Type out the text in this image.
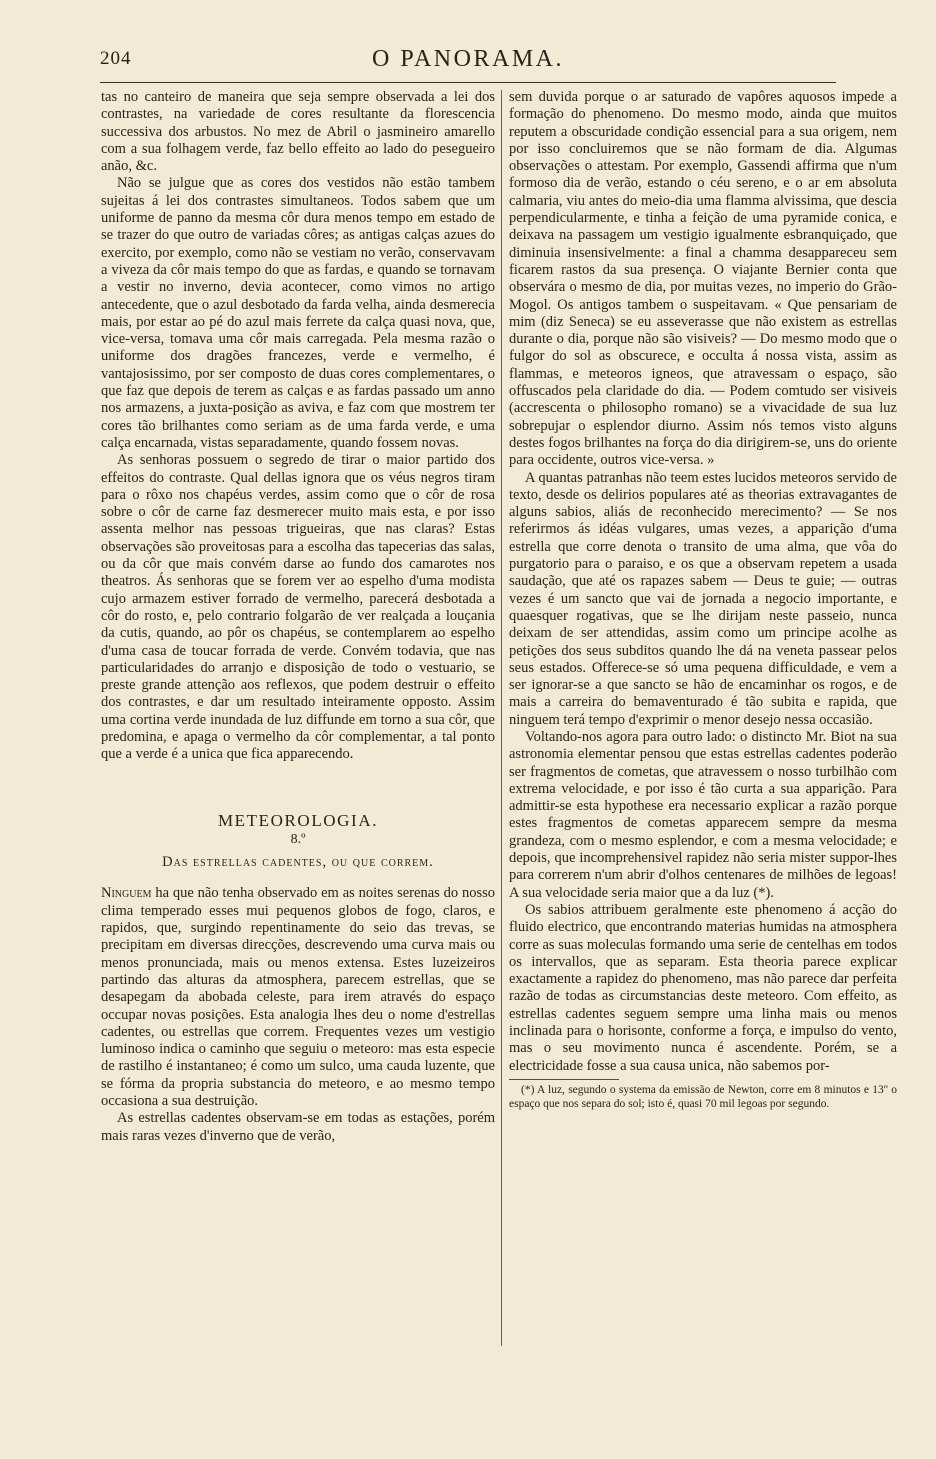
204	O PANORAMA.

tas no canteiro de maneira que seja sempre observada a lei dos contrastes, na variedade de cores resultante da florescencia successiva dos arbustos. No mez de Abril o jasmineiro amarello com a sua folhagem verde, faz bello effeito ao lado do pesegueiro anão, &c.

Não se julgue que as cores dos vestidos não estão tambem sujeitas á lei dos contrastes simultaneos. Todos sabem que um uniforme de panno da mesma côr dura menos tempo em estado de se trazer do que outro de variadas côres; as antigas calças azues do exercito, por exemplo, como não se vestiam no verão, conservavam a viveza da côr mais tempo do que as fardas, e quando se tornavam a vestir no inverno, devia acontecer, como vimos no artigo antecedente, que o azul desbotado da farda velha, ainda desmerecia mais, por estar ao pé do azul mais ferrete da calça quasi nova, que, vice-versa, tomava uma côr mais carregada. Pela mesma razão o uniforme dos dragões francezes, verde e vermelho, é vantajosissimo, por ser composto de duas cores complementares, o que faz que depois de terem as calças e as fardas passado um anno nos armazens, a juxta-posição as aviva, e faz com que mostrem ter cores tão brilhantes como seriam as de uma farda verde, e uma calça encarnada, vistas separadamente, quando fossem novas.

As senhoras possuem o segredo de tirar o maior partido dos effeitos do contraste. Qual dellas ignora que os véus negros tiram para o rôxo nos chapéus verdes, assim como que o côr de rosa sobre o côr de carne faz desmerecer muito mais esta, e por isso assenta melhor nas pessoas trigueiras, que nas claras? Estas observações são proveitosas para a escolha das tapecerias das salas, ou da côr que mais convém darse ao fundo dos camarotes nos theatros. Ás senhoras que se forem ver ao espelho d'uma modista cujo armazem estiver forrado de vermelho, parecerá desbotada a côr do rosto, e, pelo contrario folgarão de ver realçada a louçania da cutis, quando, ao pôr os chapéus, se contemplarem ao espelho d'uma casa de toucar forrada de verde. Convém todavia, que nas particularidades do arranjo e disposição de todo o vestuario, se preste grande attenção aos reflexos, que podem destruir o effeito dos contrastes, e dar um resultado inteiramente opposto. Assim uma cortina verde inundada de luz diffunde em torno a sua côr, que predomina, e apaga o vermelho da côr complementar, a tal ponto que a verde é a unica que fica apparecendo.

METEOROLOGIA.
8.º
Das estrellas cadentes, ou que correm.

Ninguem ha que não tenha observado em as noites serenas do nosso clima temperado esses mui pequenos globos de fogo, claros, e rapidos, que, surgindo repentinamente do seio das trevas, se precipitam em diversas direcções, descrevendo uma curva mais ou menos pronunciada, mais ou menos extensa. Estes luzeizeiros partindo das alturas da atmosphera, parecem estrellas, que se desapegam da abobada celeste, para irem através do espaço occupar novas posições. Esta analogia lhes deu o nome d'estrellas cadentes, ou estrellas que correm. Frequentes vezes um vestigio luminoso indica o caminho que seguiu o meteoro: mas esta especie de rastilho é instantaneo; é como um sulco, uma cauda luzente, que se fórma da propria substancia do meteoro, e ao mesmo tempo occasiona a sua destruição.

As estrellas cadentes observam-se em todas as estações, porém mais raras vezes d'inverno que de verão,

sem duvida porque o ar saturado de vapôres aquosos impede a formação do phenomeno. Do mesmo modo, ainda que muitos reputem a obscuridade condição essencial para a sua origem, nem por isso concluiremos que se não formam de dia. Algumas observações o attestam. Por exemplo, Gassendi affirma que n'um formoso dia de verão, estando o céu sereno, e o ar em absoluta calmaria, viu antes do meio-dia uma flamma alvissima, que descia perpendicularmente, e tinha a feição de uma pyramide conica, e deixava na passagem um vestigio igualmente esbranquiçado, que diminuia insensivelmente: a final a chamma desappareceu sem ficarem rastos da sua presença. O viajante Bernier conta que observára o mesmo de dia, por muitas vezes, no imperio do Grão-Mogol. Os antigos tambem o suspeitavam. « Que pensariam de mim (diz Seneca) se eu asseverasse que não existem as estrellas durante o dia, porque não são visiveis? — Do mesmo modo que o fulgor do sol as obscurece, e occulta á nossa vista, assim as flammas, e meteoros igneos, que atravessam o espaço, são offuscados pela claridade do dia. — Podem comtudo ser visiveis (accrescenta o philosopho romano) se a vivacidade de sua luz sobrepujar o esplendor diurno. Assim nós temos visto alguns destes fogos brilhantes na força do dia dirigirem-se, uns do oriente para occidente, outros vice-versa. »

A quantas patranhas não teem estes lucidos meteoros servido de texto, desde os delirios populares até as theorias extravagantes de alguns sabios, aliás de reconhecido merecimento? — Se nos referirmos ás idéas vulgares, umas vezes, a apparição d'uma estrella que corre denota o transito de uma alma, que vôa do purgatorio para o paraiso, e os que a observam repetem a usada saudação, que até os rapazes sabem — Deus te guie; — outras vezes é um sancto que vai de jornada a negocio importante, e quaesquer rogativas, que se lhe dirijam neste passeio, nunca deixam de ser attendidas, assim como um principe acolhe as petições dos seus subditos quando lhe dá na veneta passear pelos seus estados. Offerece-se só uma pequena difficuldade, e vem a ser ignorar-se a que sancto se hão de encaminhar os rogos, e de mais a carreira do bemaventurado é tão subita e rapida, que ninguem terá tempo d'exprimir o menor desejo nessa occasião.

Voltando-nos agora para outro lado: o distincto Mr. Biot na sua astronomia elementar pensou que estas estrellas cadentes poderão ser fragmentos de cometas, que atravessem o nosso turbilhão com extrema velocidade, e por isso é tão curta a sua apparição. Para admittir-se esta hypothese era necessario explicar a razão porque estes fragmentos de cometas apparecem sempre da mesma grandeza, com o mesmo esplendor, e com a mesma velocidade; e depois, que incomprehensivel rapidez não seria mister suppor-lhes para correrem n'um abrir d'olhos centenares de milhões de legoas! A sua velocidade seria maior que a da luz (*).

Os sabios attribuem geralmente este phenomeno á acção do fluido electrico, que encontrando materias humidas na atmosphera corre as suas moleculas formando uma serie de centelhas em todos os intervallos, que as separam. Esta theoria parece explicar exactamente a rapidez do phenomeno, mas não parece dar perfeita razão de todas as circumstancias deste meteoro. Com effeito, as estrellas cadentes seguem sempre uma linha mais ou menos inclinada para o horisonte, conforme a força, e impulso do vento, mas o seu movimento nunca é ascendente. Porém, se a electricidade fosse a sua causa unica, não sabemos por-

(*) A luz, segundo o systema da emissão de Newton, corre em 8 minutos e 13'' o espaço que nos separa do sol; isto é, quasi 70 mil legoas por segundo.
